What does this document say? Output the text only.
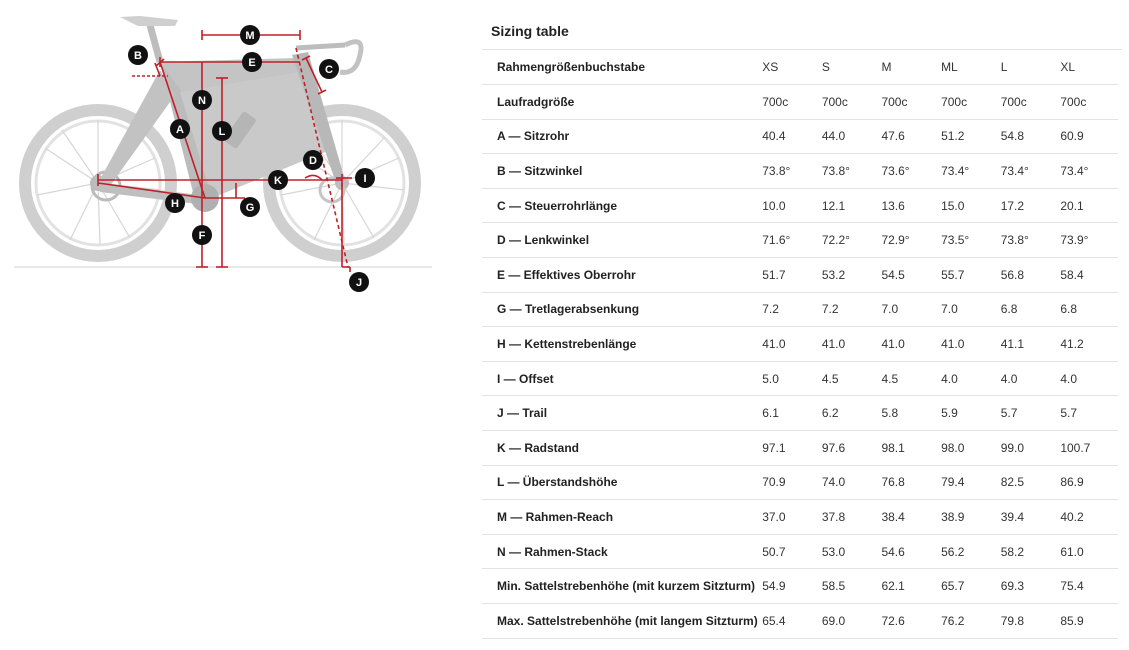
M
E
B
C
N
A	L
D
I
K
H	G
F
J
Sizing table
Rahmengrößenbuchstabe	XS	S	M	ML	L	XL
Laufradgröße	700c	700c	700c	700c	700c	700c
A — Sitzrohr	40.4	44.0	47.6	51.2	54.8	60.9
B — Sitzwinkel	73.8°	73.8°	73.6°	73.4°	73.4°	73.4°
C — Steuerrohrlänge	10.0	12.1	13.6	15.0	17.2	20.1
D — Lenkwinkel	71.6°	72.2°	72.9°	73.5°	73.8°	73.9°
E — Effektives Oberrohr	51.7	53.2	54.5	55.7	56.8	58.4
G — Tretlagerabsenkung	7.2	7.2	7.0	7.0	6.8	6.8
H — Kettenstrebenlänge	41.0	41.0	41.0	41.0	41.1	41.2
I — Offset	5.0	4.5	4.5	4.0	4.0	4.0
J — Trail	6.1	6.2	5.8	5.9	5.7	5.7
K — Radstand	97.1	97.6	98.1	98.0	99.0	100.7
L — Überstandshöhe	70.9	74.0	76.8	79.4	82.5	86.9
M — Rahmen-Reach	37.0	37.8	38.4	38.9	39.4	40.2
N — Rahmen-Stack	50.7	53.0	54.6	56.2	58.2	61.0
Min. Sattelstrebenhöhe (mit kurzem Sitzturm)	54.9	58.5	62.1	65.7	69.3	75.4
Max. Sattelstrebenhöhe (mit langem Sitzturm)	65.4	69.0	72.6	76.2	79.8	85.9
